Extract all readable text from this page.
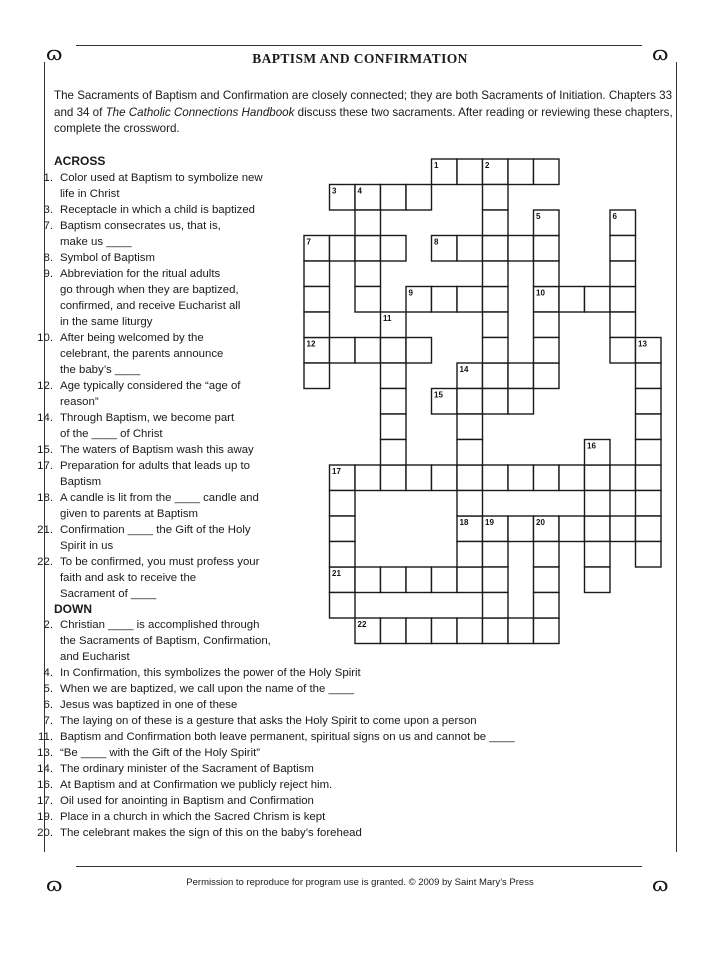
ɷ	ɷ
ɷ	ɷ
BAPTISM AND CONFIRMATION
The Sacraments of Baptism and Confirmation are closely connected; they are both Sacraments of Initiation. Chapters 33 and 34 of The Catholic Connections Handbook discuss these two sacraments. After reading or reviewing these chapters, complete the crossword.
ACROSS
1. Color used at Baptism to symbolize new
life in Christ
3. Receptacle in which a child is baptized
7. Baptism consecrates us, that is,
make us ____
8. Symbol of Baptism
9. Abbreviation for the ritual adults
go through when they are baptized,
confirmed, and receive Eucharist all
in the same liturgy
10. After being welcomed by the
celebrant, the parents announce
the baby’s ____
12. Age typically considered the “age of
reason”
14. Through Baptism, we become part
of the ____ of Christ
15. The waters of Baptism wash this away
17. Preparation for adults that leads up to
Baptism
18. A candle is lit from the ____ candle and
given to parents at Baptism
21. Confirmation ____ the Gift of the Holy
Spirit in us
22. To be confirmed, you must profess your
faith and ask to receive the
Sacrament of ____
DOWN
2. Christian ____ is accomplished through
the Sacraments of Baptism, Confirmation,
and Eucharist
4. In Confirmation, this symbolizes the power of the Holy Spirit
5. When we are baptized, we call upon the name of the ____
6. Jesus was baptized in one of these
7. The laying on of these is a gesture that asks the Holy Spirit to come upon a person
11. Baptism and Confirmation both leave permanent, spiritual signs on us and cannot be ____
13. “Be ____ with the Gift of the Holy Spirit”
14. The ordinary minister of the Sacrament of Baptism
16. At Baptism and at Confirmation we publicly reject him.
17. Oil used for anointing in Baptism and Confirmation
19. Place in a church in which the Sacred Chrism is kept
20. The celebrant makes the sign of this on the baby’s forehead
1	2
3	4
5	6
7	8
9	10
11
12	13
14
15
16
17
18 19	20
21
22
Permission to reproduce for program use is granted. © 2009 by Saint Mary’s Press
